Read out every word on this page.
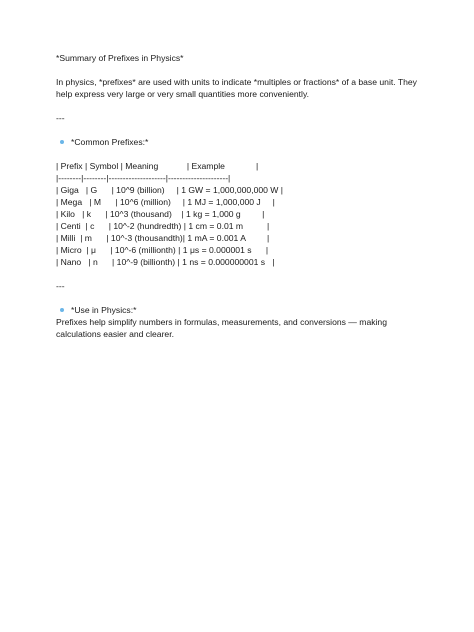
*Summary of Prefixes in Physics*

In physics, *prefixes* are used with units to indicate *multiples or fractions* of a base unit. They help express very large or very small quantities more conveniently.

---

*Common Prefixes:*
| Prefix | Symbol | Meaning            | Example             |
|--------|--------|--------------------|---------------------|
| Giga   | G      | 10^9 (billion)     | 1 GW = 1,000,000,000 W |
| Mega   | M      | 10^6 (million)     | 1 MJ = 1,000,000 J     |
| Kilo   | k      | 10^3 (thousand)    | 1 kg = 1,000 g         |
| Centi  | c      | 10^-2 (hundredth) | 1 cm = 0.01 m          |
| Milli  | m      | 10^-3 (thousandth)| 1 mA = 0.001 A         |
| Micro  | μ      | 10^-6 (millionth) | 1 μs = 0.000001 s      |
| Nano   | n      | 10^-9 (billionth) | 1 ns = 0.000000001 s   |

---

*Use in Physics:*

Prefixes help simplify numbers in formulas, measurements, and conversions — making calculations easier and clearer.
